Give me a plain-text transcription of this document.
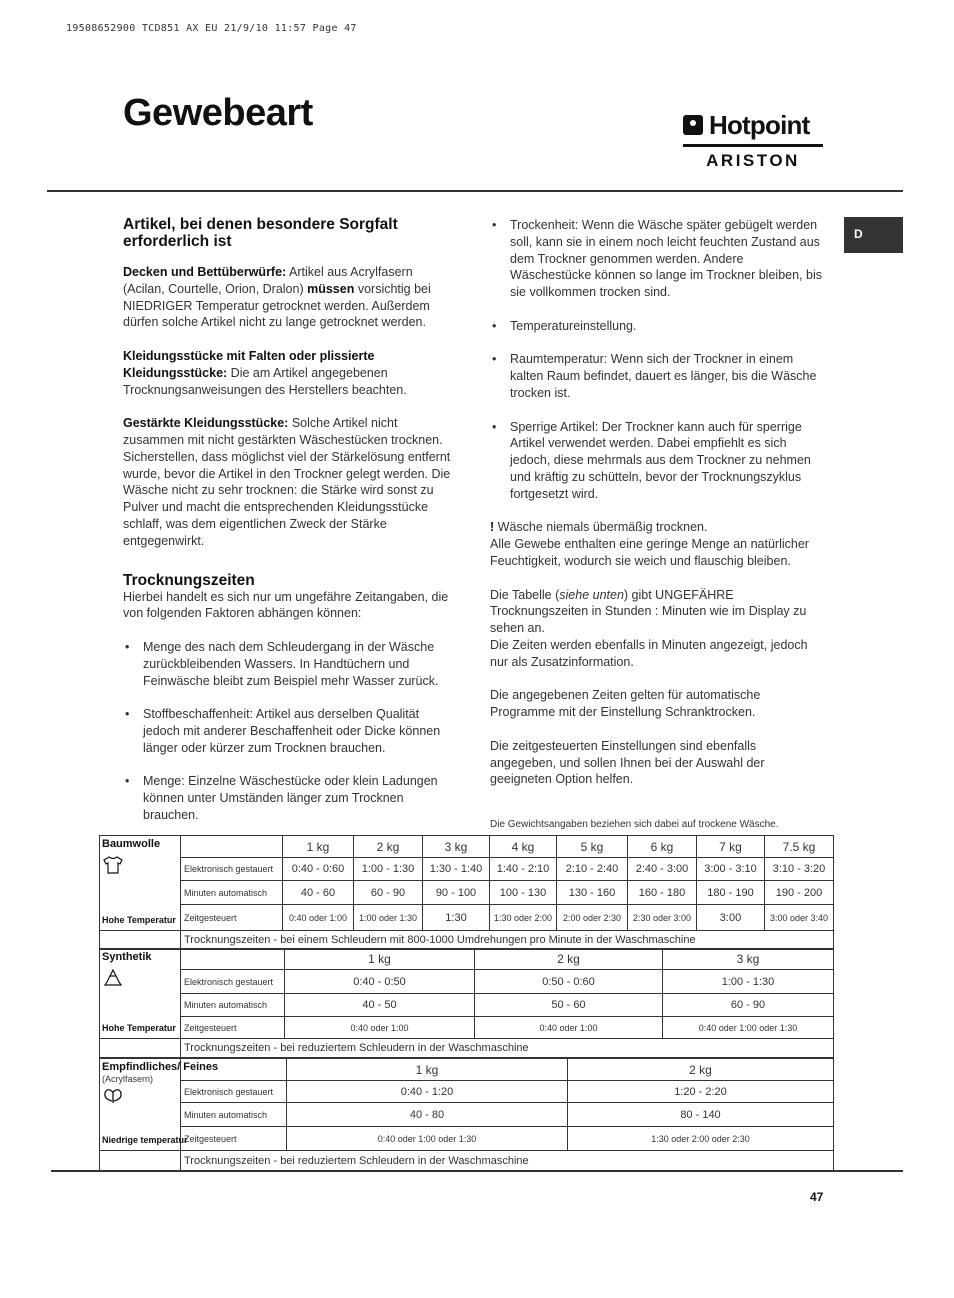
19508652900 TCD851 AX EU 21/9/10 11:57 Page 47
Gewebeart	Hotpoint
ARISTON
D
Artikel, bei denen besondere Sorgfalt erforderlich ist

Decken und Bettüberwürfe: Artikel aus Acrylfasern (Acilan, Courtelle, Orion, Dralon) müssen vorsichtig bei NIEDRIGER Temperatur getrocknet werden. Außerdem dürfen solche Artikel nicht zu lange getrocknet werden.

Kleidungsstücke mit Falten oder plissierte Kleidungsstücke: Die am Artikel angegebenen Trocknungsanweisungen des Herstellers beachten.

Gestärkte Kleidungsstücke: Solche Artikel nicht zusammen mit nicht gestärkten Wäschestücken trocknen. Sicherstellen, dass möglichst viel der Stärkelösung entfernt wurde, bevor die Artikel in den Trockner gelegt werden. Die Wäsche nicht zu sehr trocknen: die Stärke wird sonst zu Pulver und macht die entsprechenden Kleidungsstücke schlaff, was dem eigentlichen Zweck der Stärke entgegenwirkt.

Trocknungszeiten

Hierbei handelt es sich nur um ungefähre Zeitangaben, die von folgenden Faktoren abhängen können:

• Menge des nach dem Schleudergang in der Wäsche zurückbleibenden Wassers. In Handtüchern und Feinwäsche bleibt zum Beispiel mehr Wasser zurück.
• Stoffbeschaffenheit: Artikel aus derselben Qualität jedoch mit anderer Beschaffenheit oder Dicke können länger oder kürzer zum Trocknen brauchen.
• Menge: Einzelne Wäschestücke oder klein Ladungen können unter Umständen länger zum Trocknen brauchen.
• Trockenheit: Wenn die Wäsche später gebügelt werden soll, kann sie in einem noch leicht feuchten Zustand aus dem Trockner genommen werden. Andere Wäschestücke können so lange im Trockner bleiben, bis sie vollkommen trocken sind.
• Temperatureinstellung.
• Raumtemperatur: Wenn sich der Trockner in einem kalten Raum befindet, dauert es länger, bis die Wäsche trocken ist.
• Sperrige Artikel: Der Trockner kann auch für sperrige Artikel verwendet werden. Dabei empfiehlt es sich jedoch, diese mehrmals aus dem Trockner zu nehmen und kräftig zu schütteln, bevor der Trocknungszyklus fortgesetzt wird.

! Wäsche niemals übermäßig trocknen.
Alle Gewebe enthalten eine geringe Menge an natürlicher Feuchtigkeit, wodurch sie weich und flauschig bleiben.

Die Tabelle (siehe unten) gibt UNGEFÄHRE Trocknungszeiten in Stunden : Minuten wie im Display zu sehen an.
Die Zeiten werden ebenfalls in Minuten angezeigt, jedoch nur als Zusatzinformation.

Die angegebenen Zeiten gelten für automatische Programme mit der Einstellung Schranktrocken.

Die zeitgesteuerten Einstellungen sind ebenfalls angegeben, und sollen Ihnen bei der Auswahl der geeigneten Option helfen.

Die Gewichtsangaben beziehen sich dabei auf trockene Wäsche.
Baumwolle
Hohe Temperatur		1 kg	2 kg	3 kg	4 kg	5 kg	6 kg	7 kg	7.5 kg
	Elektronisch gestauert	0:40 - 0:60	1:00 - 1:30	1:30 - 1:40	1:40 - 2:10	2:10 - 2:40	2:40 - 3:00	3:00 - 3:10	3:10 - 3:20
	Minuten automatisch	40 - 60	60 - 90	90 - 100	100 - 130	130 - 160	160 - 180	180 - 190	190 - 200
	Zeitgesteuert	0:40 oder 1:00	1:00 oder 1:30	1:30	1:30 oder 2:00	2:00 oder 2:30	2:30 oder 3:00	3:00	3:00 oder 3:40
	Trocknungszeiten - bei einem Schleudern mit 800-1000 Umdrehungen pro Minute in der Waschmaschine								
Synthetik
Hohe Temperatur		1 kg	2 kg	3 kg
	Elektronisch gestauert	0:40 - 0:50	0:50 - 0:60	1:00 - 1:30
	Minuten automatisch	40 - 50	50 - 60	60 - 90
	Zeitgesteuert	0:40 oder 1:00	0:40 oder 1:00	0:40 oder 1:00 oder 1:30
	Trocknungszeiten - bei reduziertem Schleudern in der Waschmaschine			
Empfindliches/ Feines
(Acrylfasern)
Niedrige temperatur		1 kg	2 kg
	Elektronisch gestauert	0:40 - 1:20	1:20 - 2:20
	Minuten automatisch	40 - 80	80 - 140
	Zeitgesteuert	0:40 oder 1:00 oder 1:30	1:30 oder 2:00 oder 2:30
	Trocknungszeiten - bei reduziertem Schleudern in der Waschmaschine		
47
